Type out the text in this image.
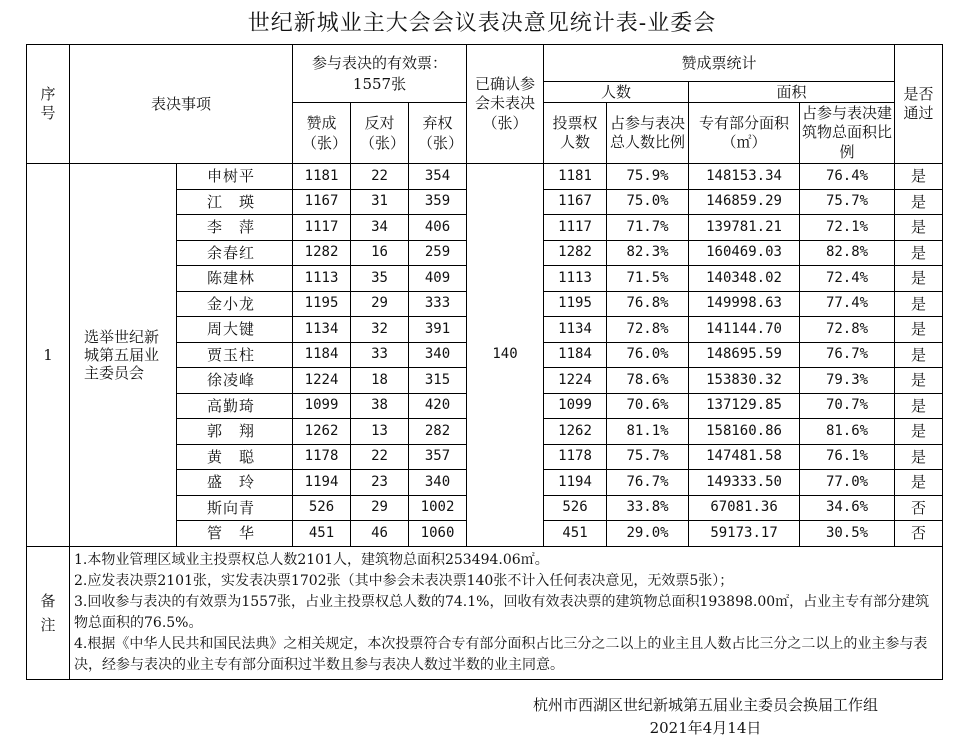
世纪新城业主大会会议表决意见统计表-业委会
序号	表决事项		参与表决的有效票：1557张			已确认参会未表决（张）	赞成票统计				是否通过
							人数		面积		
			赞成（张）	反对（张）	弃权（张）		投票权人数	占参与表决总人数比例	专有部分面积（㎡）	占参与表决建筑物总面积比例	
1	选举世纪新城第五届业主委员会	申树平	1181	22	354	140	1181	75.9%	148153.34	76.4%	是
		江　瑛	1167	31	359		1167	75.0%	146859.29	75.7%	是
		李　萍	1117	34	406		1117	71.7%	139781.21	72.1%	是
		余春红	1282	16	259		1282	82.3%	160469.03	82.8%	是
		陈建林	1113	35	409		1113	71.5%	140348.02	72.4%	是
		金小龙	1195	29	333		1195	76.8%	149998.63	77.4%	是
		周大键	1134	32	391		1134	72.8%	141144.70	72.8%	是
		贾玉柱	1184	33	340		1184	76.0%	148695.59	76.7%	是
		徐凌峰	1224	18	315		1224	78.6%	153830.32	79.3%	是
		高勤琦	1099	38	420		1099	70.6%	137129.85	70.7%	是
		郭　翔	1262	13	282		1262	81.1%	158160.86	81.6%	是
		黄　聪	1178	22	357		1178	75.7%	147481.58	76.1%	是
		盛　玲	1194	23	340		1194	76.7%	149333.50	77.0%	是
		斯向青	526	29	1002		526	33.8%	67081.36	34.6%	否
		管　华	451	46	1060		451	29.0%	59173.17	30.5%	否
备注	1.本物业管理区域业主投票权总人数2101人，建筑物总面积253494.06㎡。
2.应发表决票2101张，实发表决票1702张（其中参会未表决票140张不计入任何表决意见，无效票5张）；
3.回收参与表决的有效票为1557张，占业主投票权总人数的74.1%，回收有效表决票的建筑物总面积193898.00㎡，占业主专有部分建筑物总面积的76.5%。
4.根据《中华人民共和国民法典》之相关规定，本次投票符合专有部分面积占比三分之二以上的业主且人数占比三分之二以上的业主参与表决，经参与表决的业主专有部分面积过半数且参与表决人数过半数的业主同意。										
杭州市西湖区世纪新城第五届业主委员会换届工作组
2021年4月14日
